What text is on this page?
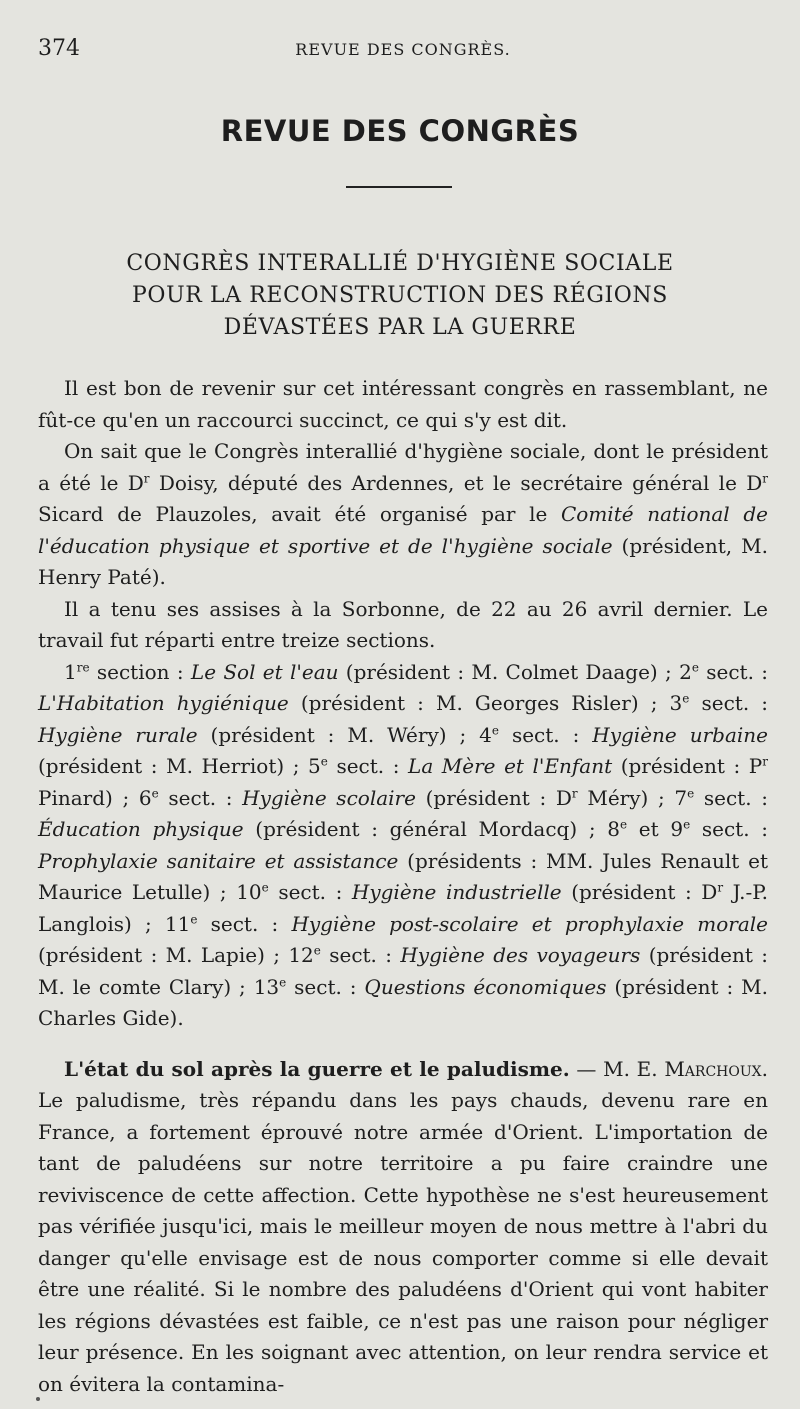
374	REVUE DES CONGRÈS.
REVUE DES CONGRÈS
CONGRÈS INTERALLIÉ D'HYGIÈNE SOCIALE
POUR LA RECONSTRUCTION DES RÉGIONS
DÉVASTÉES PAR LA GUERRE

Il est bon de revenir sur cet intéressant congrès en rassemblant, ne fût-ce qu'en un raccourci succinct, ce qui s'y est dit.

On sait que le Congrès interallié d'hygiène sociale, dont le président a été le $D^r$ Doisy, député des Ardennes, et le secrétaire général le $D^r$ Sicard de Plauzoles, avait été organisé par le Comité national de l'éducation physique et sportive et de l'hygiène sociale (président, M. Henry Paté).

Il a tenu ses assises à la Sorbonne, de 22 au 26 avril dernier. Le travail fut réparti entre treize sections.

1re section : Le Sol et l'eau (président : M. Colmet Daage) ; 2e sect. : L'Habitation hygiénique (président : M. Georges Risler) ; 3e sect. : Hygiène rurale (président : M. Wéry) ; 4e sect. : Hygiène urbaine (président : M. Herriot) ; 5e sect. : La Mère et l'Enfant (président : $P^r$ Pinard) ; 6e sect. : Hygiène scolaire (président : $D^r$ Méry) ; 7e sect. : Éducation physique (président : général Mordacq) ; 8e et 9e sect. : Prophylaxie sanitaire et assistance (présidents : MM. Jules Renault et Maurice Letulle) ; 10e sect. : Hygiène industrielle (président : $D^r$ J.-P. Langlois) ; 11e sect. : Hygiène post-scolaire et prophylaxie morale (président : M. Lapie) ; 12e sect. : Hygiène des voyageurs (président : M. le comte Clary) ; 13e sect. : Questions économiques (président : M. Charles Gide).

L'état du sol après la guerre et le paludisme. — M. E. Marchoux. Le paludisme, très répandu dans les pays chauds, devenu rare en France, a fortement éprouvé notre armée d'Orient. L'importation de tant de paludéens sur notre territoire a pu faire craindre une reviviscence de cette affection. Cette hypothèse ne s'est heureusement pas vérifiée jusqu'ici, mais le meilleur moyen de nous mettre à l'abri du danger qu'elle envisage est de nous comporter comme si elle devait être une réalité. Si le nombre des paludéens d'Orient qui vont habiter les régions dévastées est faible, ce n'est pas une raison pour négliger leur présence. En les soignant avec attention, on leur rendra service et on évitera la contamina-
